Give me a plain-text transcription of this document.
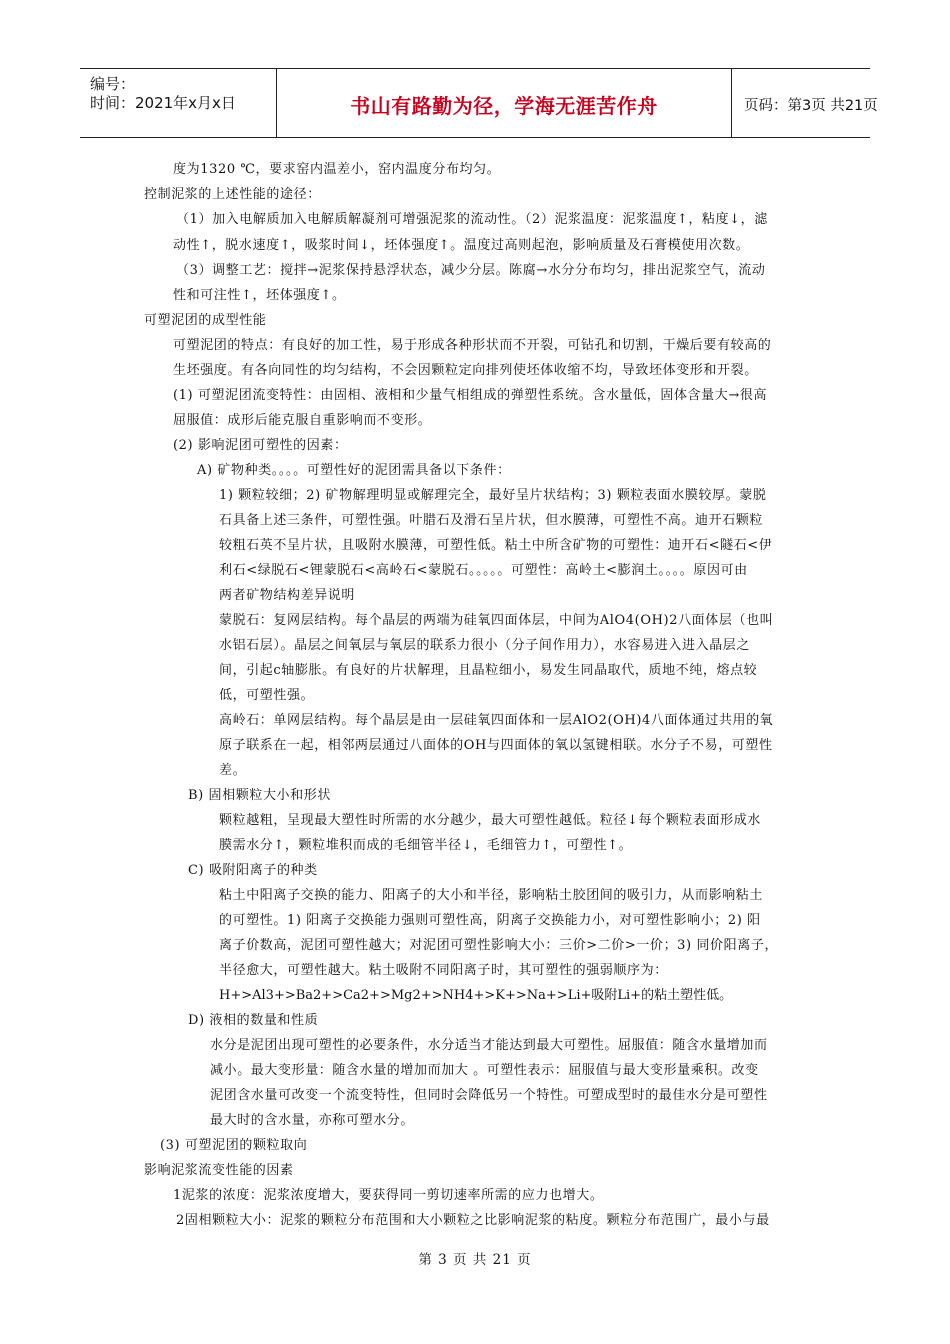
编号：
时间：2021年x月x日	书山有路勤为径，学海无涯苦作舟	页码：第3页 共21页
度为1320 ℃，要求窑内温差小，窑内温度分布均匀。
控制泥浆的上述性能的途径：
（1）加入电解质加入电解质解凝剂可增强泥浆的流动性。（2）泥浆温度：泥浆温度↑，粘度↓，滤
动性↑，脱水速度↑，吸浆时间↓，坯体强度↑。温度过高则起泡，影响质量及石膏模使用次数。
（3）调整工艺：搅拌→泥浆保持悬浮状态，减少分层。陈腐→水分分布均匀，排出泥浆空气，流动
性和可注性↑，坯体强度↑。
可塑泥团的成型性能
可塑泥团的特点：有良好的加工性，易于形成各种形状而不开裂，可钻孔和切割，干燥后要有较高的
生坯强度。有各向同性的均匀结构，不会因颗粒定向排列使坯体收缩不均，导致坯体变形和开裂。
(1) 可塑泥团流变特性：由固相、液相和少量气相组成的弹塑性系统。含水量低，固体含量大→很高
屈服值：成形后能克服自重影响而不变形。
(2) 影响泥团可塑性的因素：
A) 矿物种类。。。。可塑性好的泥团需具备以下条件：
1) 颗粒较细；2) 矿物解理明显或解理完全，最好呈片状结构；3) 颗粒表面水膜较厚。蒙脱
石具备上述三条件，可塑性强。叶腊石及滑石呈片状，但水膜薄，可塑性不高。迪开石颗粒
较粗石英不呈片状，且吸附水膜薄，可塑性低。粘土中所含矿物的可塑性：迪开石<隧石<伊
利石<绿脱石<锂蒙脱石<高岭石<蒙脱石。。。。。可塑性：高岭土<膨润土。。。。原因可由
两者矿物结构差异说明
蒙脱石：复网层结构。每个晶层的两端为硅氧四面体层，中间为AlO4(OH)2八面体层（也叫
水铝石层）。晶层之间氧层与氧层的联系力很小（分子间作用力），水容易进入进入晶层之
间，引起c轴膨胀。有良好的片状解理，且晶粒细小，易发生同晶取代，质地不纯，熔点较
低，可塑性强。
高岭石：单网层结构。每个晶层是由一层硅氧四面体和一层AlO2(OH)4八面体通过共用的氧
原子联系在一起，相邻两层通过八面体的OH与四面体的氧以氢键相联。水分子不易，可塑性
差。
B) 固相颗粒大小和形状
颗粒越粗，呈现最大塑性时所需的水分越少，最大可塑性越低。粒径↓每个颗粒表面形成水
膜需水分↑，颗粒堆积而成的毛细管半径↓，毛细管力↑，可塑性↑。
C) 吸附阳离子的种类
粘土中阳离子交换的能力、阳离子的大小和半径，影响粘土胶团间的吸引力，从而影响粘土
的可塑性。1) 阳离子交换能力强则可塑性高，阴离子交换能力小，对可塑性影响小；2) 阳
离子价数高，泥团可塑性越大；对泥团可塑性影响大小：三价>二价>一价；3) 同价阳离子，
半径愈大，可塑性越大。粘土吸附不同阳离子时，其可塑性的强弱顺序为：
H+>Al3+>Ba2+>Ca2+>Mg2+>NH4+>K+>Na+>Li+吸附Li+的粘土塑性低。
D) 液相的数量和性质
水分是泥团出现可塑性的必要条件，水分适当才能达到最大可塑性。屈服值：随含水量增加而
减小。最大变形量：随含水量的增加而加大 。可塑性表示：屈服值与最大变形量乘积。改变
泥团含水量可改变一个流变特性，但同时会降低另一个特性。可塑成型时的最佳水分是可塑性
最大时的含水量，亦称可塑水分。
(3) 可塑泥团的颗粒取向
影响泥浆流变性能的因素
1泥浆的浓度：泥浆浓度增大，要获得同一剪切速率所需的应力也增大。
2固相颗粒大小：泥浆的颗粒分布范围和大小颗粒之比影响泥浆的粘度。颗粒分布范围广，最小与最
第 3 页 共 21 页
